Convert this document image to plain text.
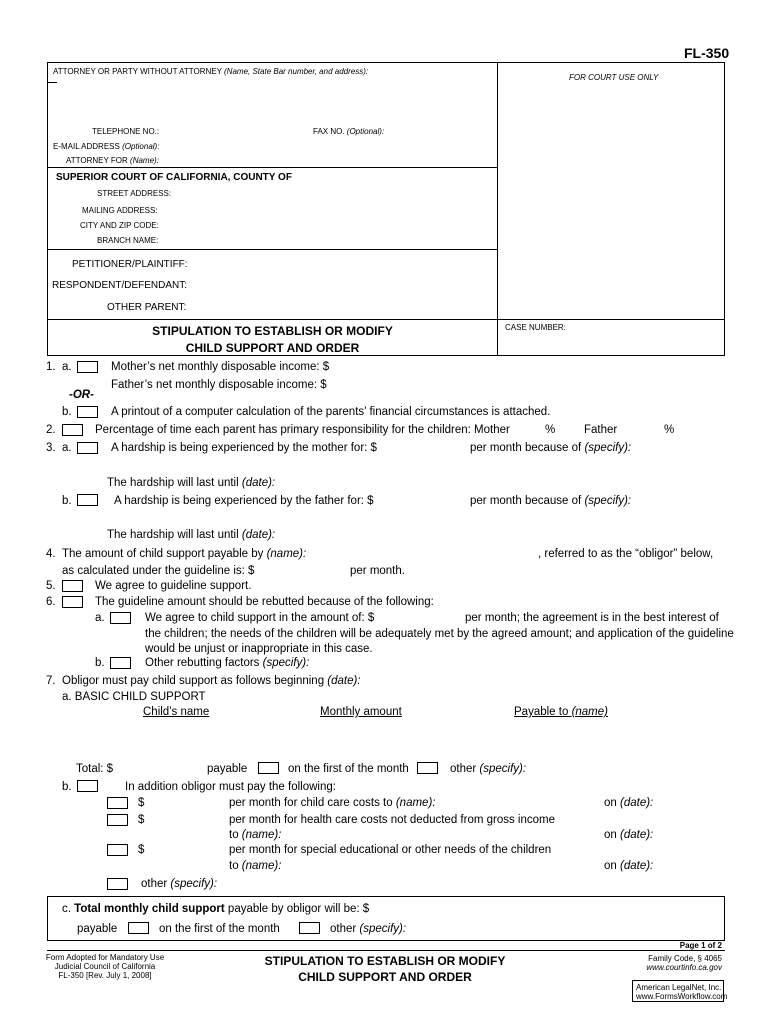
FL-350
ATTORNEY OR PARTY WITHOUT ATTORNEY (Name, State Bar number, and address):
FOR COURT USE ONLY
TELEPHONE NO.:	FAX NO. (Optional):
E-MAIL ADDRESS (Optional):
ATTORNEY FOR (Name):
SUPERIOR COURT OF CALIFORNIA, COUNTY OF
STREET ADDRESS:
MAILING ADDRESS:
CITY AND ZIP CODE:
BRANCH NAME:
PETITIONER/PLAINTIFF:
RESPONDENT/DEFENDANT:
OTHER PARENT:
STIPULATION TO ESTABLISH OR MODIFY
CHILD SUPPORT AND ORDER
CASE NUMBER:
1. a.	Mother’s net monthly disposable income: $
Father’s net monthly disposable income: $
-OR-
b.	A printout of a computer calculation of the parents’ financial circumstances is attached.
2.	Percentage of time each parent has primary responsibility for the children: Mother	%	Father	%
3. a.	A hardship is being experienced by the mother for: $	per month because of (specify):
The hardship will last until (date):
b.	A hardship is being experienced by the father for: $	per month because of (specify):
The hardship will last until (date):
4. The amount of child support payable by (name):	, referred to as the “obligor” below,
as calculated under the guideline is: $	per month.
5.	We agree to guideline support.
6.	The guideline amount should be rebutted because of the following:
a.	We agree to child support in the amount of: $	per month; the agreement is in the best interest of
the children; the needs of the children will be adequately met by the agreed amount; and application of the guideline
would be unjust or inappropriate in this case.
b.	Other rebutting factors (specify):
7. Obligor must pay child support as follows beginning (date):
a. BASIC CHILD SUPPORT
Child’s name	Monthly amount	Payable to (name)
Total: $	payable	on the first of the month	other (specify):
b.	In addition obligor must pay the following:
$	per month for child care costs to (name):	on (date):
$	per month for health care costs not deducted from gross income
to (name):	on (date):
$	per month for special educational or other needs of the children
to (name):	on (date):
other (specify):
c. Total monthly child support payable by obligor will be: $
payable	on the first of the month	other (specify):
Page 1 of 2
Form Adopted for Mandatory Use
Judicial Council of California
FL-350 [Rev. July 1, 2008]
STIPULATION TO ESTABLISH OR MODIFY
CHILD SUPPORT AND ORDER
Family Code, § 4065
www.courtinfo.ca.gov
American LegalNet, Inc.
www.FormsWorkflow.com
